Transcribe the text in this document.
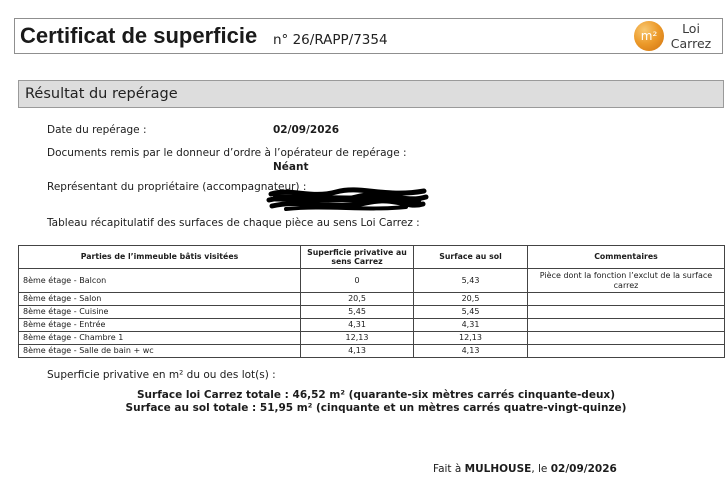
Certificat de superficie n° 26/RAPP/7354	m²	Loi
Carrez
Résultat du repérage
Date du repérage :	02/09/2026
Documents remis par le donneur d’ordre à l’opérateur de repérage :
Néant
Représentant du propriétaire (accompagnateur) :
Tableau récapitulatif des surfaces de chaque pièce au sens Loi Carrez :
Parties de l’immeuble bâtis visitées	Superficie privative au sens Carrez	Surface au sol	Commentaires
8ème étage - Balcon	0	5,43	Pièce dont la fonction l’exclut de la surface carrez
8ème étage - Salon	20,5	20,5	
8ème étage - Cuisine	5,45	5,45	
8ème étage - Entrée	4,31	4,31	
8ème étage - Chambre 1	12,13	12,13	
8ème étage - Salle de bain + wc	4,13	4,13	
Superficie privative en m² du ou des lot(s) :
Surface loi Carrez totale : 46,52 m² (quarante-six mètres carrés cinquante-deux)
Surface au sol totale : 51,95 m² (cinquante et un mètres carrés quatre-vingt-quinze)
Fait à MULHOUSE, le 02/09/2026
